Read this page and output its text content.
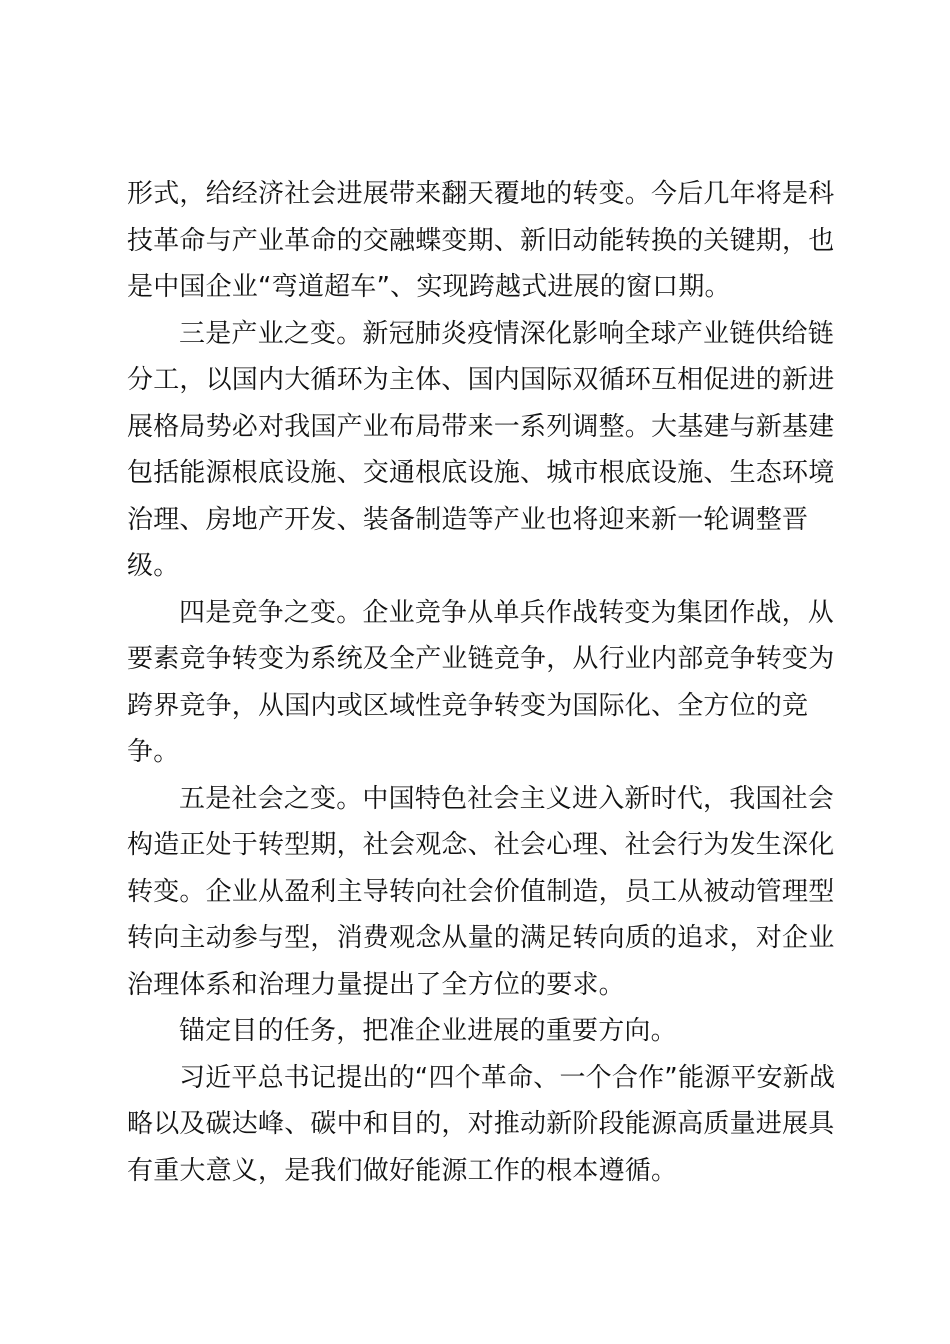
形式，给经济社会进展带来翻天覆地的转变。今后几年将是科
技革命与产业革命的交融蝶变期、新旧动能转换的关键期，也
是中国企业“弯道超车”、实现跨越式进展的窗口期。
三是产业之变。新冠肺炎疫情深化影响全球产业链供给链
分工，以国内大循环为主体、国内国际双循环互相促进的新进
展格局势必对我国产业布局带来一系列调整。大基建与新基建
包括能源根底设施、交通根底设施、城市根底设施、生态环境
治理、房地产开发、装备制造等产业也将迎来新一轮调整晋
级。
四是竞争之变。企业竞争从单兵作战转变为集团作战，从
要素竞争转变为系统及全产业链竞争，从行业内部竞争转变为
跨界竞争，从国内或区域性竞争转变为国际化、全方位的竞
争。
五是社会之变。中国特色社会主义进入新时代，我国社会
构造正处于转型期，社会观念、社会心理、社会行为发生深化
转变。企业从盈利主导转向社会价值制造，员工从被动管理型
转向主动参与型，消费观念从量的满足转向质的追求，对企业
治理体系和治理力量提出了全方位的要求。
锚定目的任务，把准企业进展的重要方向。
习近平总书记提出的“四个革命、一个合作”能源平安新战
略以及碳达峰、碳中和目的，对推动新阶段能源高质量进展具
有重大意义，是我们做好能源工作的根本遵循。
